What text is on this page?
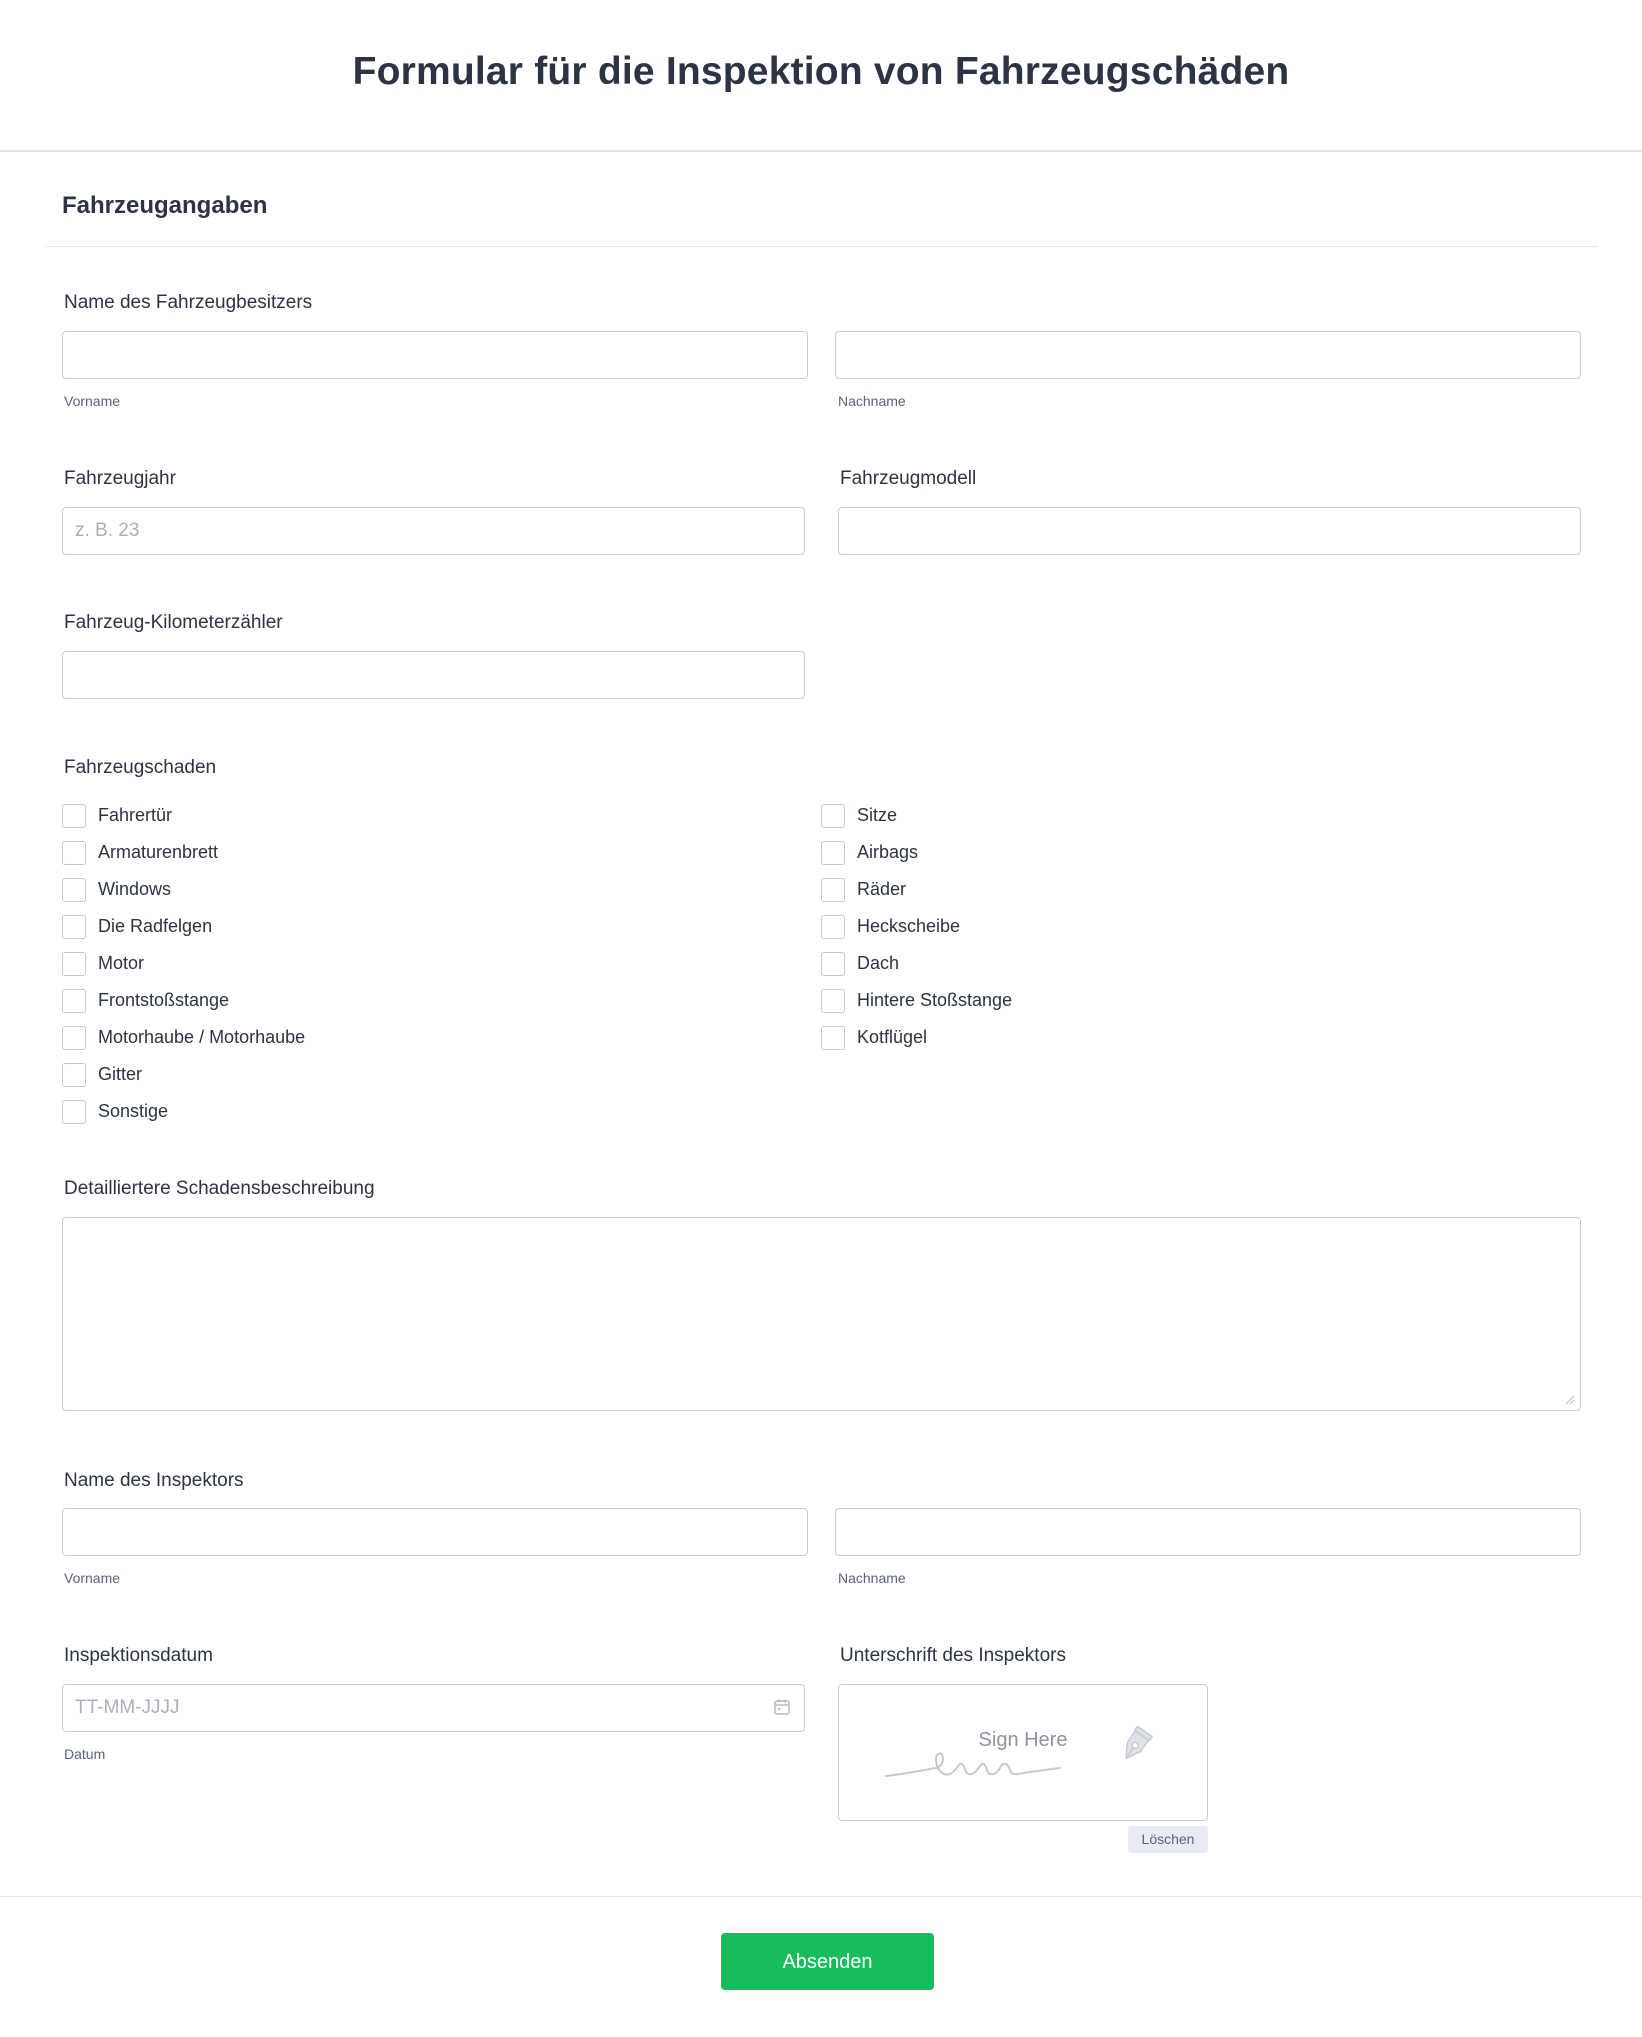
Formular für die Inspektion von Fahrzeugschäden
Fahrzeugangaben
Name des Fahrzeugbesitzers
Vorname	Nachname
Fahrzeugjahr
z. B. 23	Fahrzeugmodell
Fahrzeug-Kilometerzähler
Fahrzeugschaden
Fahrertür
Armaturenbrett
Windows
Die Radfelgen
Motor
Frontstoßstange
Motorhaube / Motorhaube
Gitter
Sonstige
Sitze
Airbags
Räder
Heckscheibe
Dach
Hintere Stoßstange
Kotflügel
Detailliertere Schadensbeschreibung
Name des Inspektors
Vorname	Nachname
Inspektionsdatum
TT-MM-JJJJ
Datum
Unterschrift des Inspektors
Sign Here
Löschen
Absenden
